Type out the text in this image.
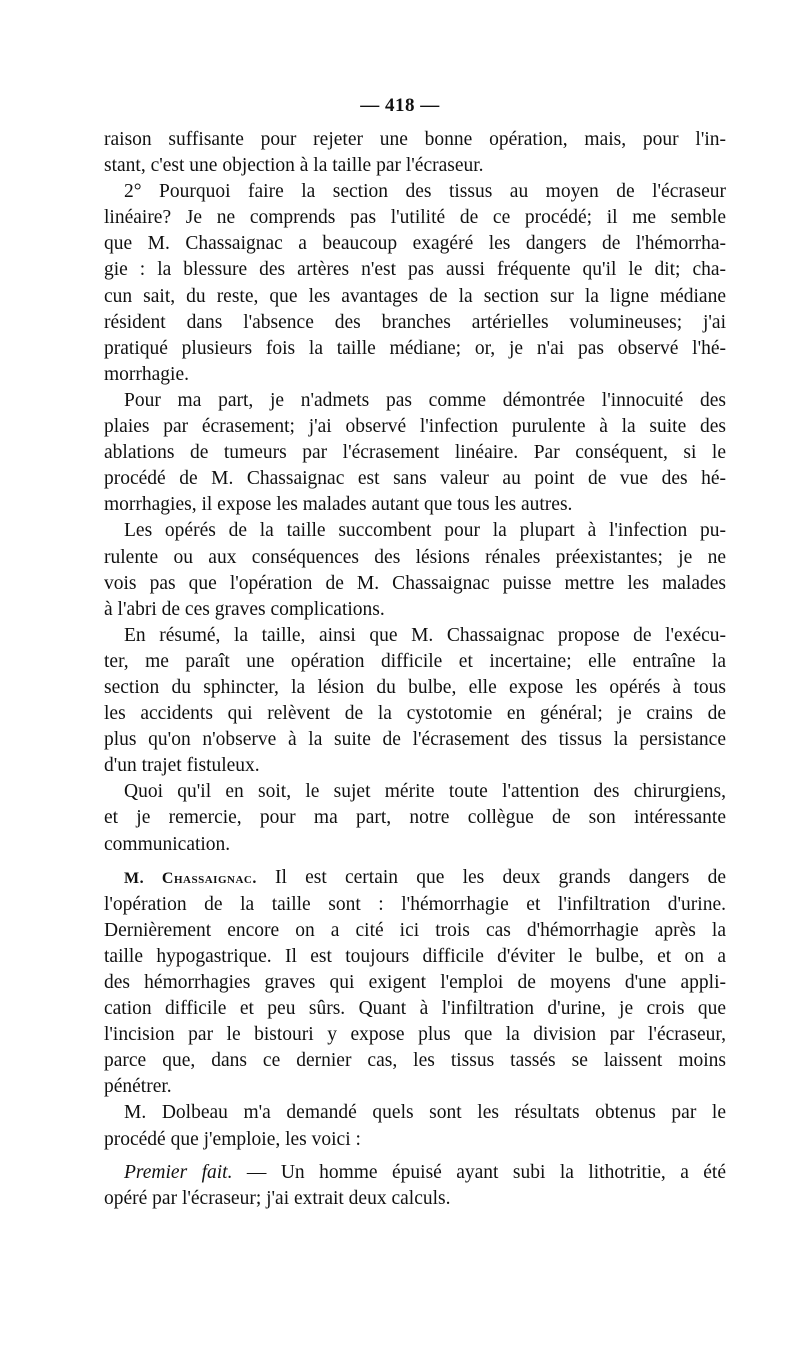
— 418 —
raison suffisante pour rejeter une bonne opération, mais, pour l'in-
stant, c'est une objection à la taille par l'écraseur.
2° Pourquoi faire la section des tissus au moyen de l'écraseur
linéaire? Je ne comprends pas l'utilité de ce procédé; il me semble
que M. Chassaignac a beaucoup exagéré les dangers de l'hémorrha-
gie : la blessure des artères n'est pas aussi fréquente qu'il le dit; cha-
cun sait, du reste, que les avantages de la section sur la ligne médiane
résident dans l'absence des branches artérielles volumineuses; j'ai
pratiqué plusieurs fois la taille médiane; or, je n'ai pas observé l'hé-
morrhagie.
Pour ma part, je n'admets pas comme démontrée l'innocuité des
plaies par écrasement; j'ai observé l'infection purulente à la suite des
ablations de tumeurs par l'écrasement linéaire. Par conséquent, si le
procédé de M. Chassaignac est sans valeur au point de vue des hé-
morrhagies, il expose les malades autant que tous les autres.
Les opérés de la taille succombent pour la plupart à l'infection pu-
rulente ou aux conséquences des lésions rénales préexistantes; je ne
vois pas que l'opération de M. Chassaignac puisse mettre les malades
à l'abri de ces graves complications.
En résumé, la taille, ainsi que M. Chassaignac propose de l'exécu-
ter, me paraît une opération difficile et incertaine; elle entraîne la
section du sphincter, la lésion du bulbe, elle expose les opérés à tous
les accidents qui relèvent de la cystotomie en général; je crains de
plus qu'on n'observe à la suite de l'écrasement des tissus la persistance
d'un trajet fistuleux.
Quoi qu'il en soit, le sujet mérite toute l'attention des chirurgiens,
et je remercie, pour ma part, notre collègue de son intéressante
communication.
M. Chassaignac. Il est certain que les deux grands dangers de
l'opération de la taille sont : l'hémorrhagie et l'infiltration d'urine.
Dernièrement encore on a cité ici trois cas d'hémorrhagie après la
taille hypogastrique. Il est toujours difficile d'éviter le bulbe, et on a
des hémorrhagies graves qui exigent l'emploi de moyens d'une appli-
cation difficile et peu sûrs. Quant à l'infiltration d'urine, je crois que
l'incision par le bistouri y expose plus que la division par l'écraseur,
parce que, dans ce dernier cas, les tissus tassés se laissent moins
pénétrer.
M. Dolbeau m'a demandé quels sont les résultats obtenus par le
procédé que j'emploie, les voici :
Premier fait. — Un homme épuisé ayant subi la lithotritie, a été
opéré par l'écraseur; j'ai extrait deux calculs.
